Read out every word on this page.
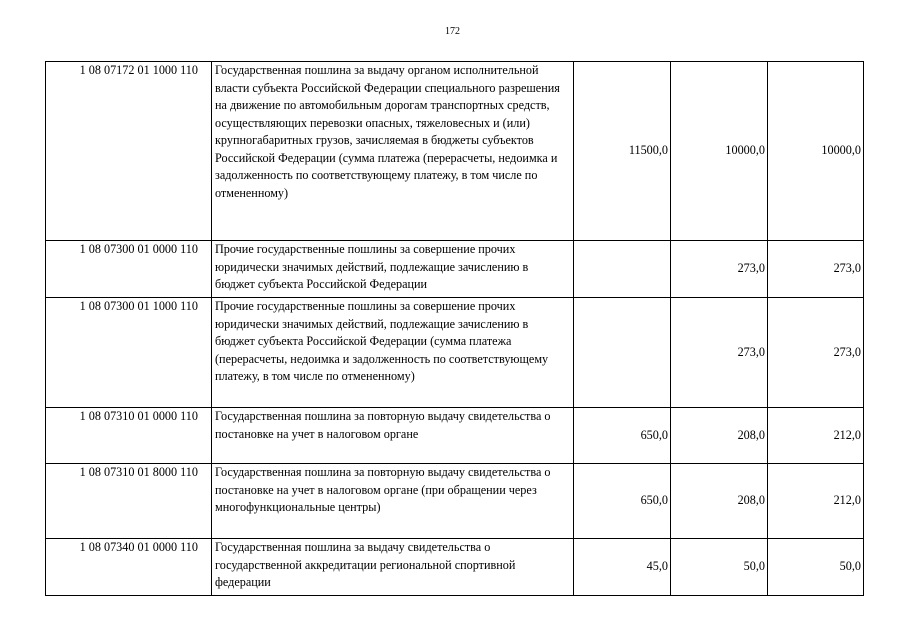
172
1 08 07172 01 1000 110	Государственная пошлина за выдачу органом исполнительной власти субъекта Российской Федерации специального разрешения на движение по автомобильным дорогам транспортных средств, осуществляющих перевозки опасных, тяжеловесных и (или) крупногабаритных грузов, зачисляемая в бюджеты субъектов Российской Федерации (сумма платежа (перерасчеты, недоимка и задолженность по соответствующему платежу, в том числе по отмененному)	11500,0	10000,0	10000,0
1 08 07300 01 0000 110	Прочие государственные пошлины за совершение прочих юридически значимых действий, подлежащие зачислению в бюджет субъекта Российской Федерации		273,0	273,0
1 08 07300 01 1000 110	Прочие государственные пошлины за совершение прочих юридически значимых действий, подлежащие зачислению в бюджет субъекта Российской Федерации (сумма платежа (перерасчеты, недоимка и задолженность по соответствующему платежу, в том числе по отмененному)		273,0	273,0
1 08 07310 01 0000 110	Государственная пошлина за повторную выдачу свидетельства о постановке на учет в налоговом органе	650,0	208,0	212,0
1 08 07310 01 8000 110	Государственная пошлина за повторную выдачу свидетельства о постановке на учет в налоговом органе (при обращении через многофункциональные центры)	650,0	208,0	212,0
1 08 07340 01 0000 110	Государственная пошлина за выдачу свидетельства о государственной аккредитации региональной спортивной федерации	45,0	50,0	50,0
